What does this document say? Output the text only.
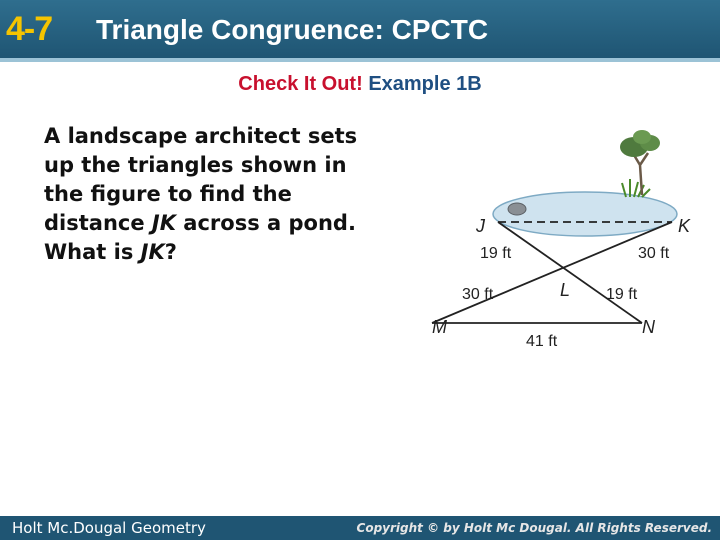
4-7 Triangle Congruence: CPCTC
Check It Out! Example 1B
A landscape architect sets
up the triangles shown in
the figure to find the
distance JK across a pond.
What is JK?
J	K
L
M	N
19 ft	30 ft
30 ft	19 ft
41 ft
Holt Mc.Dougal Geometry	Copyright © by Holt Mc Dougal. All Rights Reserved.
